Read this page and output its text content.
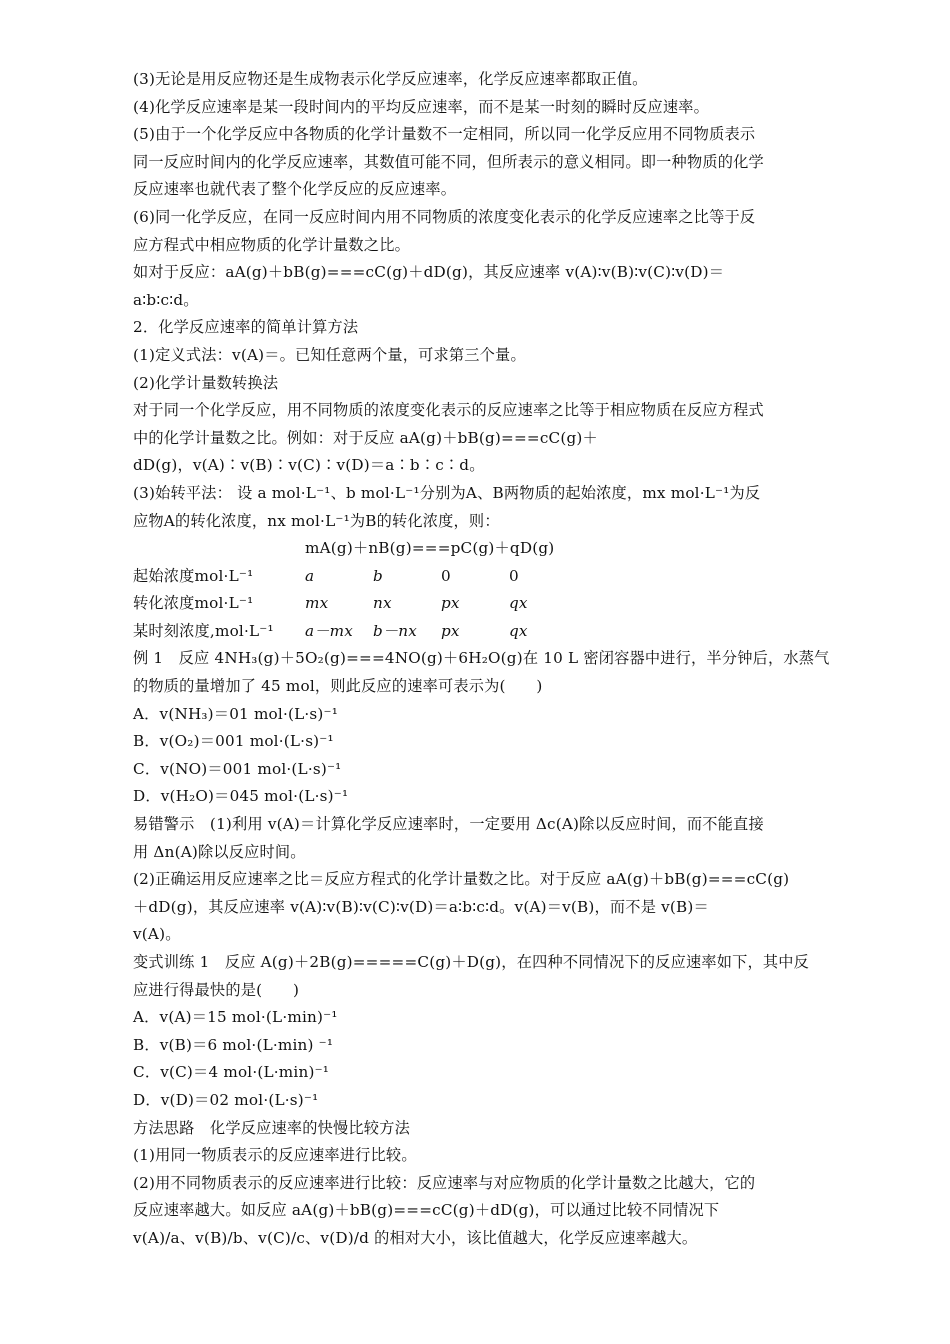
(3)无论是用反应物还是生成物表示化学反应速率，化学反应速率都取正值。
(4)化学反应速率是某一段时间内的平均反应速率，而不是某一时刻的瞬时反应速率。
(5)由于一个化学反应中各物质的化学计量数不一定相同，所以同一化学反应用不同物质表示
同一反应时间内的化学反应速率，其数值可能不同，但所表示的意义相同。即一种物质的化学
反应速率也就代表了整个化学反应的反应速率。
(6)同一化学反应，在同一反应时间内用不同物质的浓度变化表示的化学反应速率之比等于反
应方程式中相应物质的化学计量数之比。
如对于反应：aA(g)＋bB(g)===cC(g)＋dD(g)，其反应速率 v(A)∶v(B)∶v(C)∶v(D)＝
a∶b∶c∶d。
2．化学反应速率的简单计算方法
(1)定义式法：v(A)＝。已知任意两个量，可求第三个量。
(2)化学计量数转换法
对于同一个化学反应，用不同物质的浓度变化表示的反应速率之比等于相应物质在反应方程式
中的化学计量数之比。例如：对于反应 aA(g)＋bB(g)===cC(g)＋
dD(g)，v(A)∶v(B)∶v(C)∶v(D)＝a∶b∶c∶d。
(3)始转平法： 设 a mol·L⁻¹、b mol·L⁻¹分别为A、B两物质的起始浓度，mx mol·L⁻¹为反
应物A的转化浓度，nx mol·L⁻¹为B的转化浓度，则：
mA(g)＋nB(g)===pC(g)＋qD(g)
起始浓度mol·L⁻¹	a	b	0	0
转化浓度mol·L⁻¹	mx	nx	px	qx
某时刻浓度,mol·L⁻¹	a－mx	b－nx	px	qx
例 1　反应 4NH₃(g)＋5O₂(g)===4NO(g)＋6H₂O(g)在 10 L 密闭容器中进行，半分钟后，水蒸气
的物质的量增加了 45 mol，则此反应的速率可表示为(　　)
A．v(NH₃)＝01 mol·(L·s)⁻¹
B．v(O₂)＝001 mol·(L·s)⁻¹
C．v(NO)＝001 mol·(L·s)⁻¹
D．v(H₂O)＝045 mol·(L·s)⁻¹
易错警示　(1)利用 v(A)＝计算化学反应速率时，一定要用 Δc(A)除以反应时间，而不能直接
用 Δn(A)除以反应时间。
(2)正确运用反应速率之比＝反应方程式的化学计量数之比。对于反应 aA(g)＋bB(g)===cC(g)
＋dD(g)，其反应速率 v(A)∶v(B)∶v(C)∶v(D)＝a∶b∶c∶d。v(A)＝v(B)，而不是 v(B)＝
v(A)。
变式训练 1　反应 A(g)＋2B(g)=====C(g)＋D(g)，在四种不同情况下的反应速率如下，其中反
应进行得最快的是(　　)
A．v(A)＝15 mol·(L·min)⁻¹
B．v(B)＝6 mol·(L·min) ⁻¹
C．v(C)＝4 mol·(L·min)⁻¹
D．v(D)＝02 mol·(L·s)⁻¹
方法思路　化学反应速率的快慢比较方法
(1)用同一物质表示的反应速率进行比较。
(2)用不同物质表示的反应速率进行比较：反应速率与对应物质的化学计量数之比越大，它的
反应速率越大。如反应 aA(g)＋bB(g)===cC(g)＋dD(g)，可以通过比较不同情况下
v(A)/a、v(B)/b、v(C)/c、v(D)/d 的相对大小，该比值越大，化学反应速率越大。
